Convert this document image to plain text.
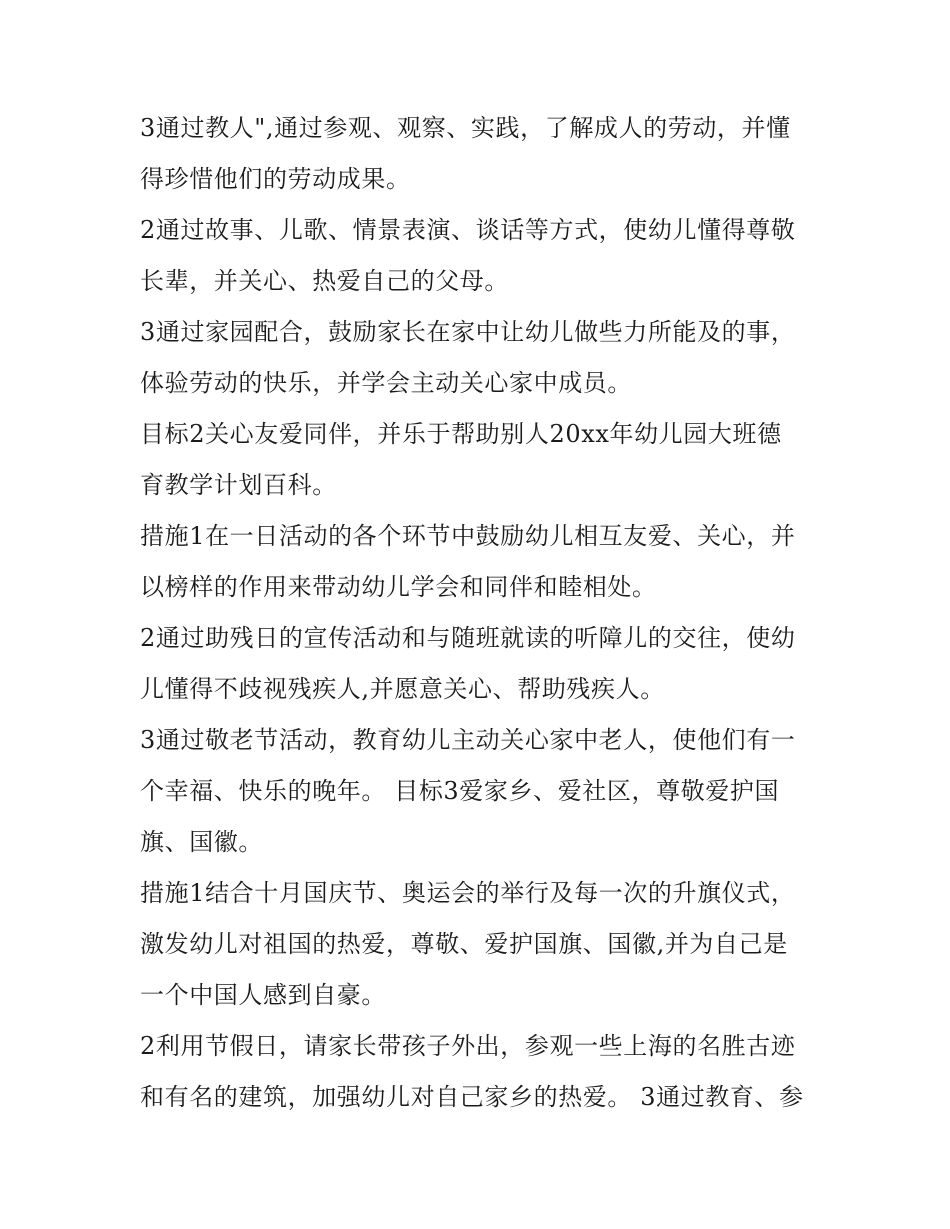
3通过教人",通过参观、观察、实践，了解成人的劳动，并懂
得珍惜他们的劳动成果。
2通过故事、儿歌、情景表演、谈话等方式，使幼儿懂得尊敬
长辈，并关心、热爱自己的父母。
3通过家园配合，鼓励家长在家中让幼儿做些力所能及的事，
体验劳动的快乐，并学会主动关心家中成员。
目标2关心友爱同伴，并乐于帮助别人20xx年幼儿园大班德
育教学计划百科。
措施1在一日活动的各个环节中鼓励幼儿相互友爱、关心，并
以榜样的作用来带动幼儿学会和同伴和睦相处。
2通过助残日的宣传活动和与随班就读的听障儿的交往，使幼
儿懂得不歧视残疾人,并愿意关心、帮助残疾人。
3通过敬老节活动，教育幼儿主动关心家中老人，使他们有一
个幸福、快乐的晚年。 目标3爱家乡、爱社区，尊敬爱护国
旗、国徽。
措施1结合十月国庆节、奥运会的举行及每一次的升旗仪式，
激发幼儿对祖国的热爱，尊敬、爱护国旗、国徽,并为自己是
一个中国人感到自豪。
2利用节假日，请家长带孩子外出，参观一些上海的名胜古迹
和有名的建筑，加强幼儿对自己家乡的热爱。 3通过教育、参
